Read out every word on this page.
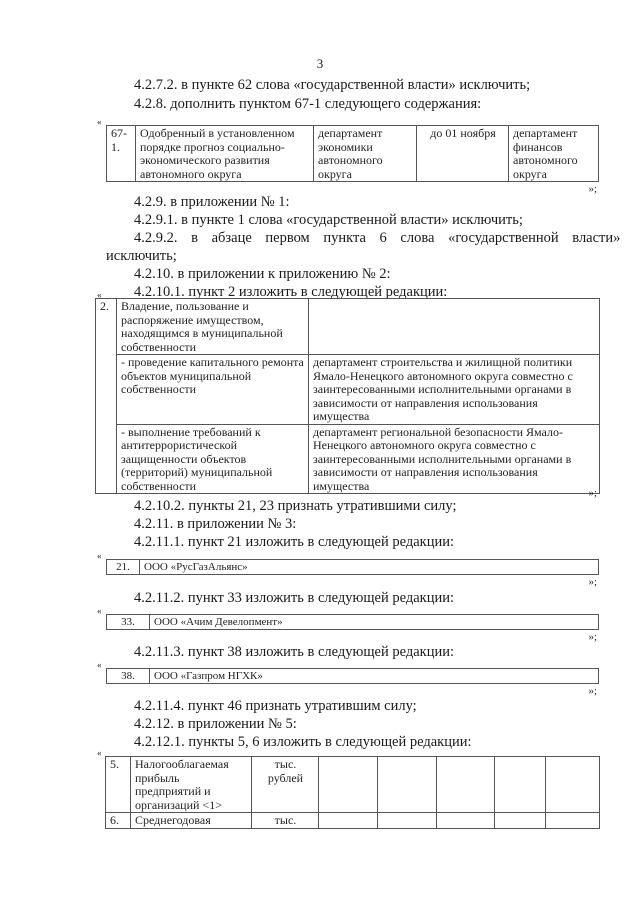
3
4.2.7.2. в пункте 62 слова «государственной власти» исключить;
4.2.8. дополнить пунктом 67-1 следующего содержания:
«
67-1.	Одобренный в установленном порядке прогноз социально-экономического развития автономного округа	департамент экономики автономного округа	до 01 ноября	департамент финансов автономного округа
»;
4.2.9. в приложении № 1:
4.2.9.1. в пункте 1 слова «государственной власти» исключить;
4.2.9.2. в абзаце первом пункта 6 слова «государственной власти»
исключить;
4.2.10. в приложении к приложению № 2:
4.2.10.1. пункт 2 изложить в следующей редакции:
«
2.	Владение, пользование и распоряжение имуществом, находящимся в муниципальной собственности	
	- проведение капитального ремонта объектов муниципальной собственности	департамент строительства и жилищной политики Ямало-Ненецкого автономного округа совместно с заинтересованными исполнительными органами в зависимости от направления использования имущества
	- выполнение требований к антитеррористической защищенности объектов (территорий) муниципальной собственности	департамент региональной безопасности Ямало-Ненецкого автономного округа совместно с заинтересованными исполнительными органами в зависимости от направления использования имущества
»;
4.2.10.2. пункты 21, 23 признать утратившими силу;
4.2.11. в приложении № 3:
4.2.11.1. пункт 21 изложить в следующей редакции:
«
21.	ООО «РусГазАльянс»
»;
4.2.11.2. пункт 33 изложить в следующей редакции:
«
33.	ООО «Ачим Девелопмент»
»;
4.2.11.3. пункт 38 изложить в следующей редакции:
«
38.	ООО «Газпром НГХК»
»;
4.2.11.4. пункт 46 признать утратившим силу;
4.2.12. в приложении № 5:
4.2.12.1. пункты 5, 6 изложить в следующей редакции:
«
5.	Налогооблагаемая прибыль предприятий и организаций <1>	тыс. рублей					
6.	Среднегодовая	тыс.					
